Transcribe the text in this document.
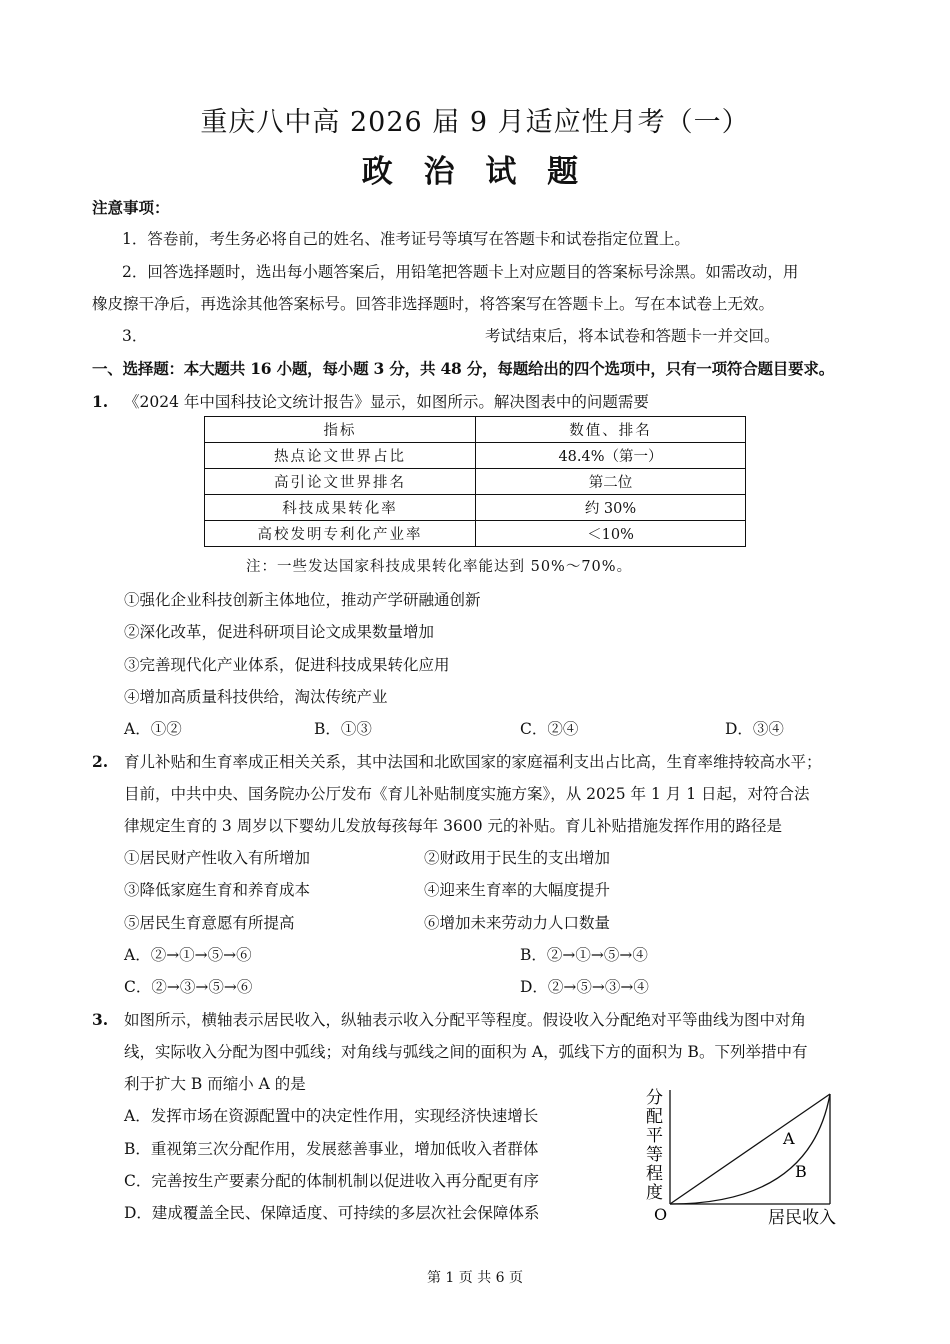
重庆八中高 2026 届 9 月适应性月考（一）
政 治 试 题
注意事项：
1．答卷前，考生务必将自己的姓名、准考证号等填写在答题卡和试卷指定位置上。
2．回答选择题时，选出每小题答案后，用铅笔把答题卡上对应题目的答案标号涂黑。如需改动，用
橡皮擦干净后，再选涂其他答案标号。回答非选择题时，将答案写在答题卡上。写在本试卷上无效。
3．	考试结束后，将本试卷和答题卡一并交回。
一、选择题：本大题共 16 小题，每小题 3 分，共 48 分，每题给出的四个选项中，只有一项符合题目要求。
1. 《2024 年中国科技论文统计报告》显示，如图所示。解决图表中的问题需要
指标	数值、排名
热点论文世界占比	48.4%（第一）
高引论文世界排名	第二位
科技成果转化率	约 30%
高校发明专利化产业率	＜10%
注：一些发达国家科技成果转化率能达到 50%～70%。
①强化企业科技创新主体地位，推动产学研融通创新
②深化改革，促进科研项目论文成果数量增加
③完善现代化产业体系，促进科技成果转化应用
④增加高质量科技供给，淘汰传统产业
A．①②	B．①③	C．②④	D．③④
2. 育儿补贴和生育率成正相关关系，其中法国和北欧国家的家庭福利支出占比高，生育率维持较高水平；
目前，中共中央、国务院办公厅发布《育儿补贴制度实施方案》，从 2025 年 1 月 1 日起，对符合法
律规定生育的 3 周岁以下婴幼儿发放每孩每年 3600 元的补贴。育儿补贴措施发挥作用的路径是
①居民财产性收入有所增加	②财政用于民生的支出增加
③降低家庭生育和养育成本	④迎来生育率的大幅度提升
⑤居民生育意愿有所提高	⑥增加未来劳动力人口数量
A．②→①→⑤→⑥	B．②→①→⑤→④
C．②→③→⑤→⑥	D．②→⑤→③→④
3. 如图所示，横轴表示居民收入，纵轴表示收入分配平等程度。假设收入分配绝对平等曲线为图中对角
线，实际收入分配为图中弧线；对角线与弧线之间的面积为 A，弧线下方的面积为 B。下列举措中有
利于扩大 B 而缩小 A 的是
A．发挥市场在资源配置中的决定性作用，实现经济快速增长
B．重视第三次分配作用，发展慈善事业，增加低收入者群体
C．完善按生产要素分配的体制机制以促进收入再分配更有序
D．建成覆盖全民、保障适度、可持续的多层次社会保障体系
分
配
平
等
程
度
O	居民收入
A
B
第 1 页 共 6 页
